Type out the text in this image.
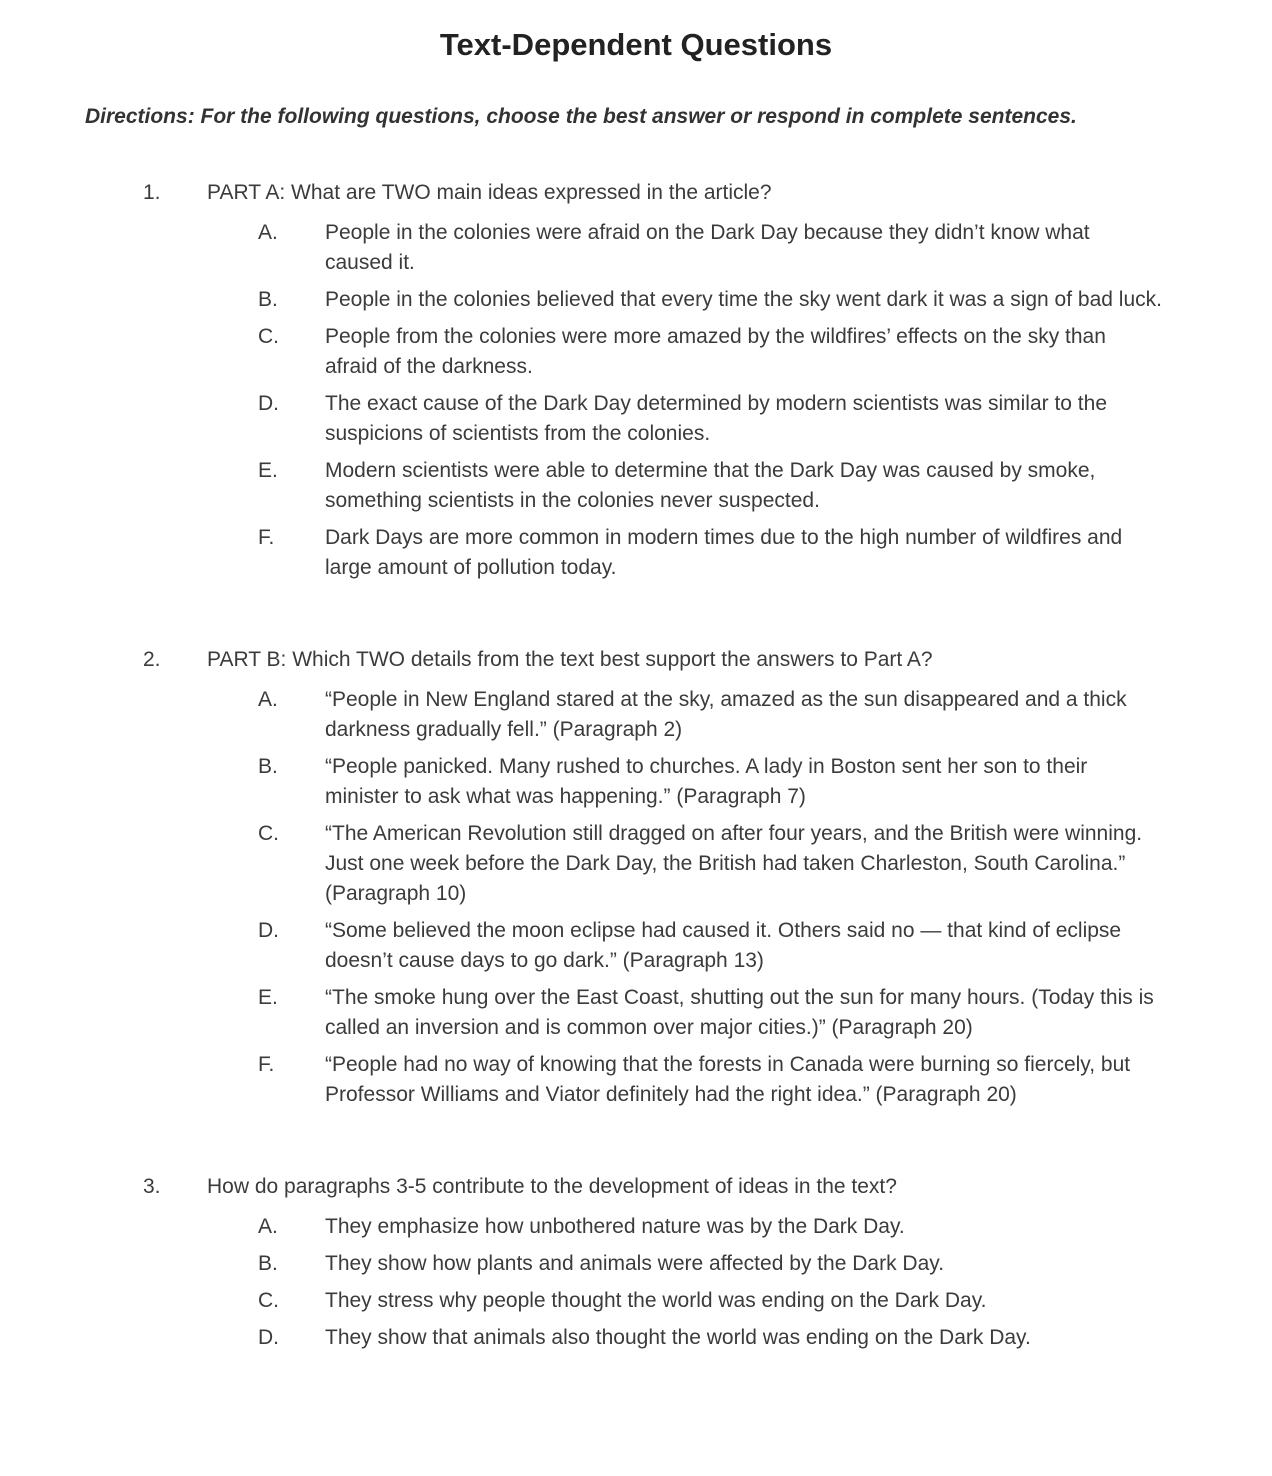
Text-Dependent Questions

Directions: For the following questions, choose the best answer or respond in complete sentences.

1.	PART A: What are TWO main ideas expressed in the article?
A.	People in the colonies were afraid on the Dark Day because they didn’t know what caused it.
B.	People in the colonies believed that every time the sky went dark it was a sign of bad luck.
C.	People from the colonies were more amazed by the wildfires’ effects on the sky than afraid of the darkness.
D.	The exact cause of the Dark Day determined by modern scientists was similar to the suspicions of scientists from the colonies.
E.	Modern scientists were able to determine that the Dark Day was caused by smoke, something scientists in the colonies never suspected.
F.	Dark Days are more common in modern times due to the high number of wildfires and large amount of pollution today.
2.	PART B: Which TWO details from the text best support the answers to Part A?
A.	“People in New England stared at the sky, amazed as the sun disappeared and a thick darkness gradually fell.” (Paragraph 2)
B.	“People panicked. Many rushed to churches. A lady in Boston sent her son to their minister to ask what was happening.” (Paragraph 7)
C.	“The American Revolution still dragged on after four years, and the British were winning. Just one week before the Dark Day, the British had taken Charleston, South Carolina.” (Paragraph 10)
D.	“Some believed the moon eclipse had caused it. Others said no — that kind of eclipse doesn’t cause days to go dark.” (Paragraph 13)
E.	“The smoke hung over the East Coast, shutting out the sun for many hours. (Today this is called an inversion and is common over major cities.)” (Paragraph 20)
F.	“People had no way of knowing that the forests in Canada were burning so fiercely, but Professor Williams and Viator definitely had the right idea.” (Paragraph 20)
3.	How do paragraphs 3-5 contribute to the development of ideas in the text?
A.	They emphasize how unbothered nature was by the Dark Day.
B.	They show how plants and animals were affected by the Dark Day.
C.	They stress why people thought the world was ending on the Dark Day.
D.	They show that animals also thought the world was ending on the Dark Day.
